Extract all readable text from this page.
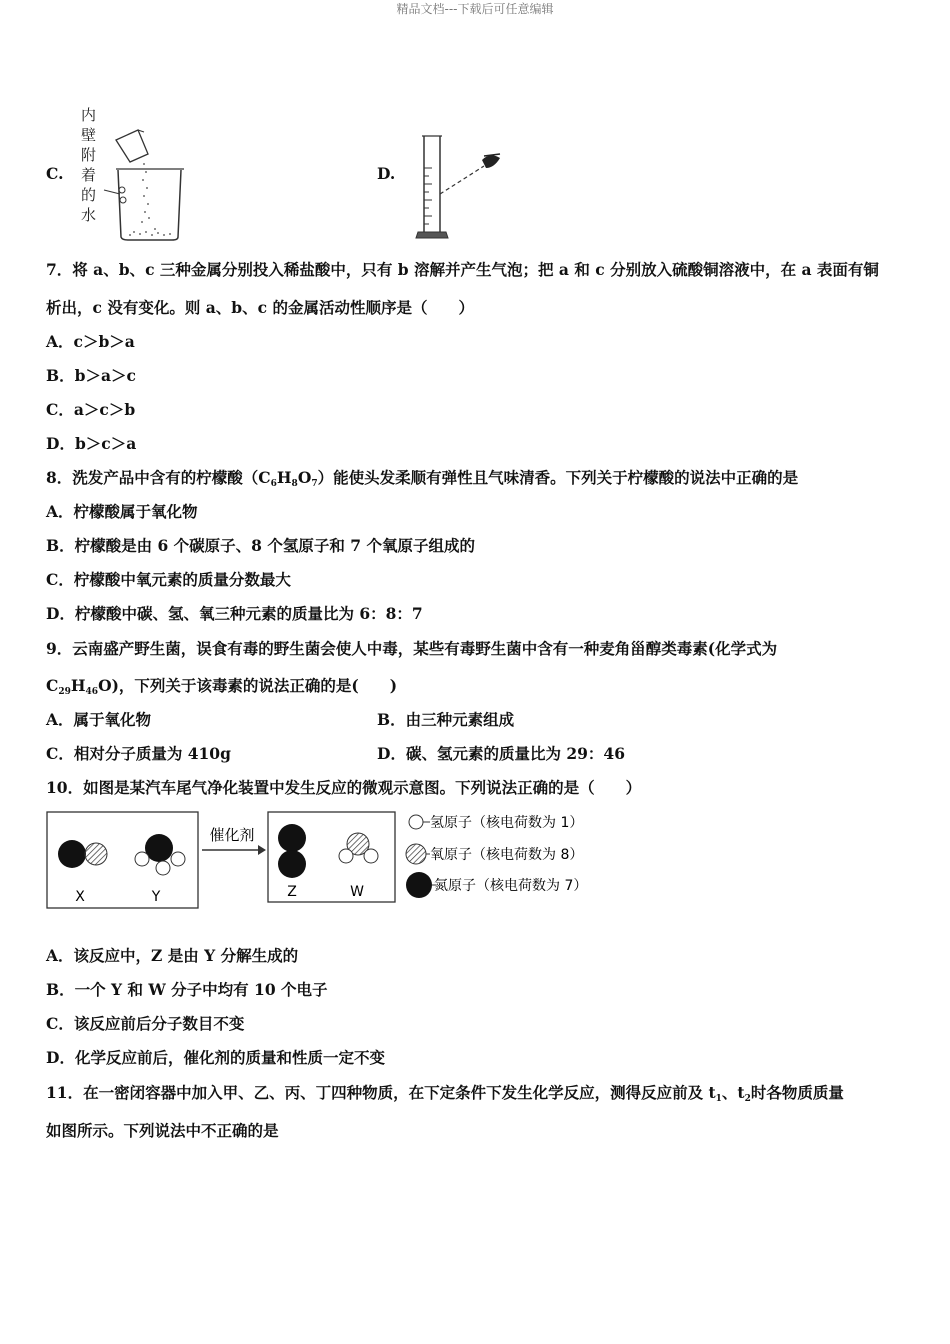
精品文档---下载后可任意编辑
C.
内
壁
附
着
的
水
D.
7．将 a、b、c 三种金属分别投入稀盐酸中，只有 b 溶解并产生气泡；把 a 和 c 分别放入硫酸铜溶液中，在 a 表面有铜
析出，c 没有变化。则 a、b、c 的金属活动性顺序是（　　）
A．c＞b＞a
B．b＞a＞c
C．a＞c＞b
D．b＞c＞a
8．洗发产品中含有的柠檬酸$(C_6H_8O_7)$能使头发柔顺有弹性且气味清香。下列关于柠檬酸的说法中正确的是
A．柠檬酸属于氧化物
B．柠檬酸是由 6 个碳原子、8 个氢原子和 7 个氧原子组成的
C．柠檬酸中氧元素的质量分数最大
D．柠檬酸中碳、氢、氧三种元素的质量比为 6：8：7
9．云南盛产野生菌，误食有毒的野生菌会使人中毒，某些有毒野生菌中含有一种麦角甾醇类毒素(化学式为
$C_{29}H_{46}O$)，下列关于该毒素的说法正确的是(　　)
A．属于氧化物	B．由三种元素组成
C．相对分子质量为 410g	D．碳、氢元素的质量比为 29：46
10．如图是某汽车尾气净化装置中发生反应的微观示意图。下列说法正确的是（　　）
X	Y
催化剂
Z	W
氢原子（核电荷数为 1）
氧原子（核电荷数为 8）
氮原子（核电荷数为 7）
A．该反应中，Z 是由 Y 分解生成的
B．一个 Y 和 W 分子中均有 10 个电子
C．该反应前后分子数目不变
D．化学反应前后，催化剂的质量和性质一定不变
11．在一密闭容器中加入甲、乙、丙、丁四种物质，在下定条件下发生化学反应，测得反应前及 $t_1$、$t_2$时各物质质量
如图所示。下列说法中不正确的是
